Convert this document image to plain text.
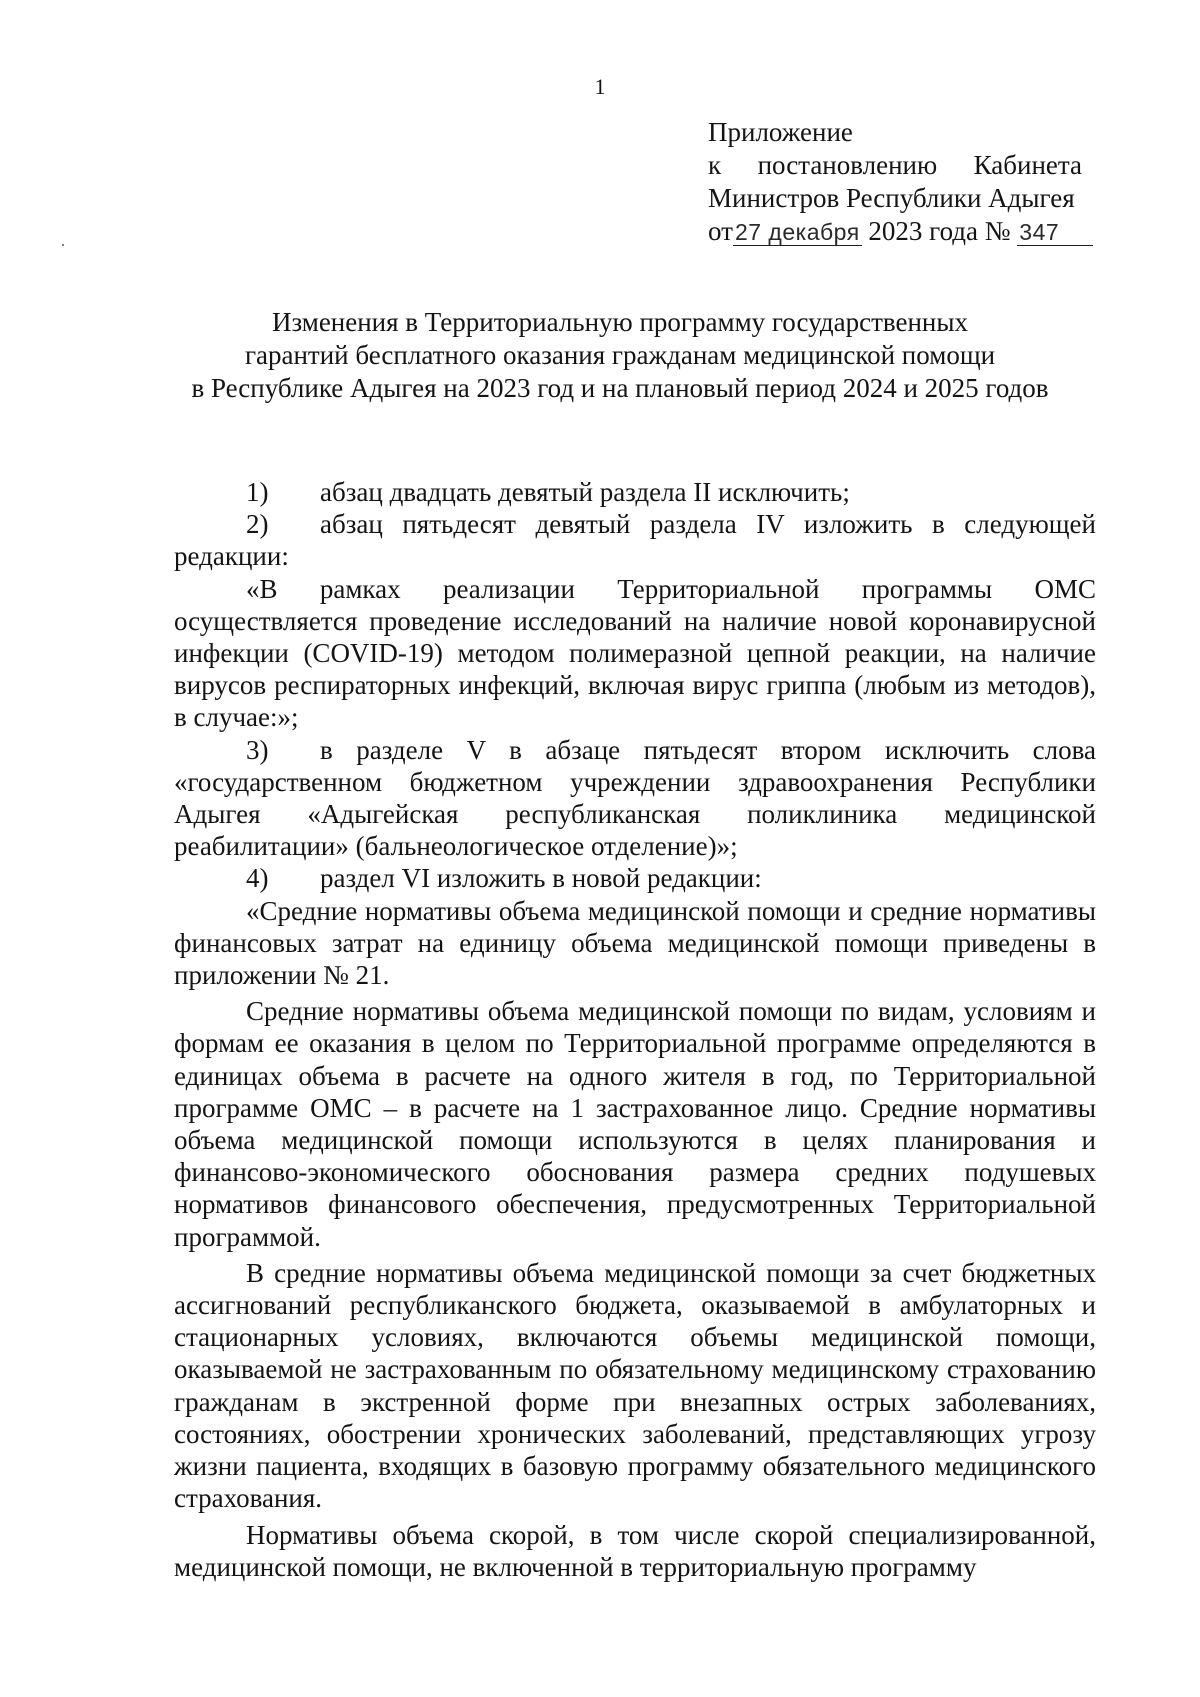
1
Приложение
к постановлению Кабинета
Министров Республики Адыгея
от27 декабря 2023 года № 347
Изменения в Территориальную программу государственных
гарантий бесплатного оказания гражданам медицинской помощи
в Республике Адыгея на 2023 год и на плановый период 2024 и 2025 годов

1) абзац двадцать девятый раздела II исключить;

2) абзац пятьдесят девятый раздела IV изложить в следующей редакции:

«В рамках реализации Территориальной программы ОМС осуществляется проведение исследований на наличие новой коронавирусной инфекции (COVID-19) методом полимеразной цепной реакции, на наличие вирусов респираторных инфекций, включая вирус гриппа (любым из методов), в случае:»;

3) в разделе V в абзаце пятьдесят втором исключить слова «государственном бюджетном учреждении здравоохранения Республики Адыгея «Адыгейская республиканская поликлиника медицинской реабилитации» (бальнеологическое отделение)»;

4) раздел VI изложить в новой редакции:

«Средние нормативы объема медицинской помощи и средние нормативы финансовых затрат на единицу объема медицинской помощи приведены в приложении № 21.

Средние нормативы объема медицинской помощи по видам, условиям и формам ее оказания в целом по Территориальной программе определяются в единицах объема в расчете на одного жителя в год, по Территориальной программе ОМС – в расчете на 1 застрахованное лицо. Средние нормативы объема медицинской помощи используются в целях планирования и финансово-экономического обоснования размера средних подушевых нормативов финансового обеспечения, предусмотренных Территориальной программой.

В средние нормативы объема медицинской помощи за счет бюджетных ассигнований республиканского бюджета, оказываемой в амбулаторных и стационарных условиях, включаются объемы медицинской помощи, оказываемой не застрахованным по обязательному медицинскому страхованию гражданам в экстренной форме при внезапных острых заболеваниях, состояниях, обострении хронических заболеваний, представляющих угрозу жизни пациента, входящих в базовую программу обязательного медицинского страхования.

Нормативы объема скорой, в том числе скорой специализированной, медицинской помощи, не включенной в территориальную программу
